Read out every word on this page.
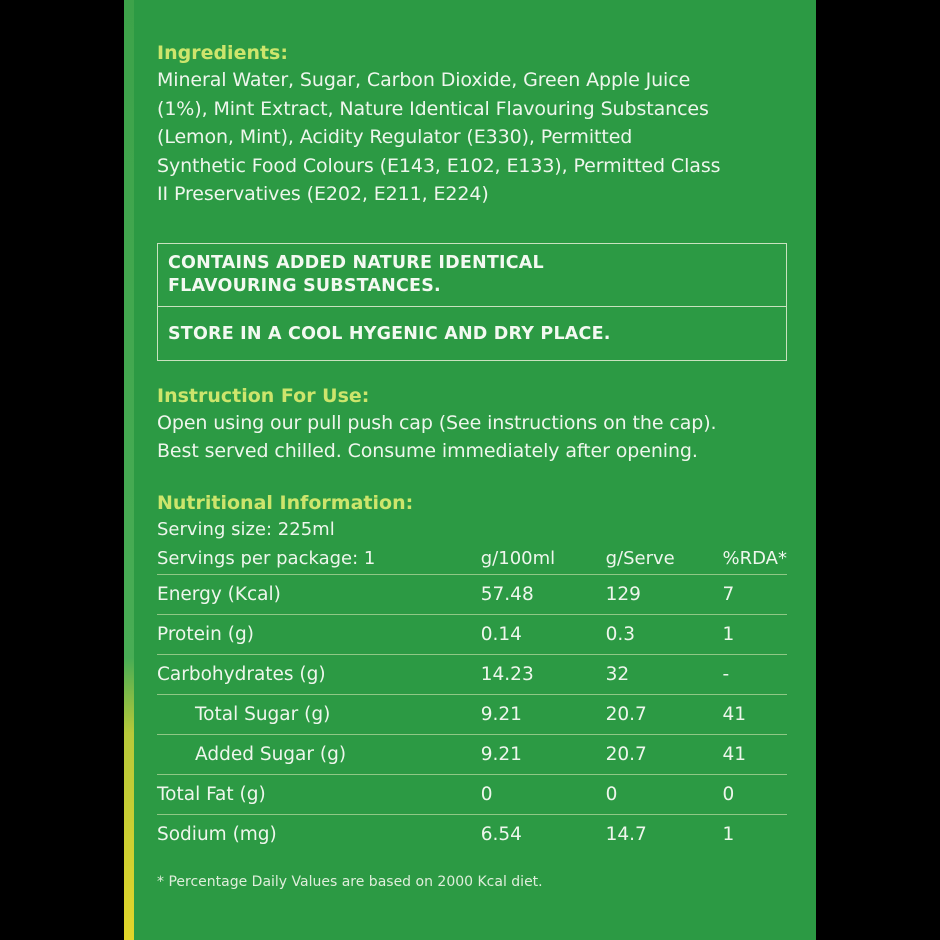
Ingredients:
Mineral Water, Sugar, Carbon Dioxide, Green Apple Juice
(1%), Mint Extract, Nature Identical Flavouring Substances
(Lemon, Mint), Acidity Regulator (E330), Permitted
Synthetic Food Colours (E143, E102, E133), Permitted Class
II Preservatives (E202, E211, E224)
CONTAINS ADDED NATURE IDENTICAL
FLAVOURING SUBSTANCES.
STORE IN A COOL HYGENIC AND DRY PLACE.
Instruction For Use:
Open using our pull push cap (See instructions on the cap).
Best served chilled. Consume immediately after opening.
Nutritional Information:
Serving size: 225ml
Servings per package: 1	g/100ml	g/Serve	%RDA*
Energy (Kcal)	57.48	129	7
Protein (g)	0.14	0.3	1
Carbohydrates (g)	14.23	32	-
Total Sugar (g)	9.21	20.7	41
Added Sugar (g)	9.21	20.7	41
Total Fat (g)	0	0	0
Sodium (mg)	6.54	14.7	1
* Percentage Daily Values are based on 2000 Kcal diet.
